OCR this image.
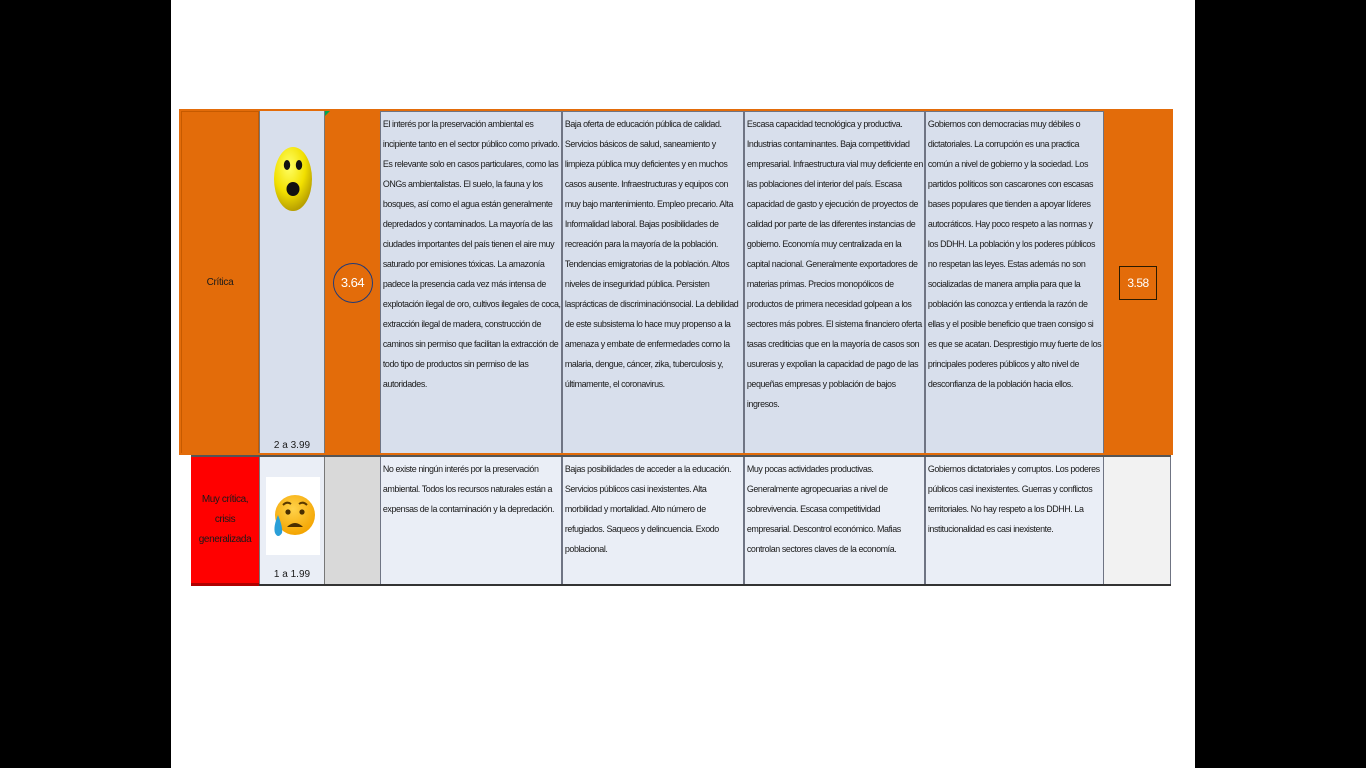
Crítica
2 a 3.99
3.64
El interés por la preservación ambiental es incipiente tanto en el sector público como privado. Es relevante solo en casos particulares, como las ONGs ambientalistas. El suelo, la fauna y los bosques, así como el agua están generalmente depredados y contaminados. La mayoría de las ciudades importantes del país tienen el aire muy saturado por emisiones tóxicas. La amazonía padece la presencia cada vez más intensa de explotación ilegal de oro, cultivos ilegales de coca, extracción ilegal de madera, construcción de caminos sin permiso que facilitan la extracción de todo tipo de productos sin permiso de las autoridades.
Baja oferta de educación pública de calidad. Servicios básicos de salud, saneamiento y limpieza pública muy deficientes y en muchos casos ausente. Infraestructuras y equipos con muy bajo mantenimiento. Empleo precario. Alta Informalidad laboral. Bajas posibilidades de recreación para la mayoría de la población. Tendencias emigratorias de la población. Altos niveles de inseguridad pública. Persisten lasprácticas de discriminaciónsocial. La debilidad de este subsistema lo hace muy propenso a la amenaza y embate de enfermedades como la malaria, dengue, cáncer, zika, tuberculosis y, últimamente, el coronavirus.
Escasa capacidad tecnológica y productiva. Industrias contaminantes. Baja competitividad empresarial. Infraestructura vial muy deficiente en las poblaciones del interior del país. Escasa capacidad de gasto y ejecución de proyectos de calidad por parte de las diferentes instancias de gobierno. Economía muy centralizada en la capital nacional. Generalmente exportadores de materias primas. Precios monopólicos de productos de primera necesidad golpean a los sectores más pobres. El sistema financiero oferta tasas crediticias que en la mayoría de casos son usureras y expolian la capacidad de pago de las pequeñas empresas y población de bajos ingresos.
Gobiernos con democracias muy débiles o dictatoriales. La corrupción es una practica común a nivel de gobierno y la sociedad. Los partidos políticos son cascarones con escasas bases populares que tienden a apoyar líderes autocráticos. Hay poco respeto a las normas y los DDHH. La población y los poderes públicos no respetan las leyes. Estas además no son socializadas de manera amplia para que la población las conozca y entienda la razón de ellas y el posible beneficio que traen consigo si es que se acatan. Desprestigio muy fuerte de los principales poderes públicos y alto nivel de desconfianza de la población hacia ellos.
3.58
Muy crítica, crisis generalizada
1 a 1.99
No existe ningún interés por la preservación ambiental. Todos los recursos naturales están a expensas de la contaminación y la depredación.
Bajas posibilidades de acceder a la educación. Servicios públicos casi inexistentes. Alta morbilidad y mortalidad. Alto número de refugiados. Saqueos y delincuencia. Exodo poblacional.
Muy pocas actividades productivas. Generalmente agropecuarias a nivel de sobrevivencia. Escasa competitividad empresarial. Descontrol económico. Mafias controlan sectores claves de la economía.
Gobiernos dictatoriales y corruptos. Los poderes públicos casi inexistentes. Guerras y conflictos territoriales. No hay respeto a los DDHH. La institucionalidad es casi inexistente.
